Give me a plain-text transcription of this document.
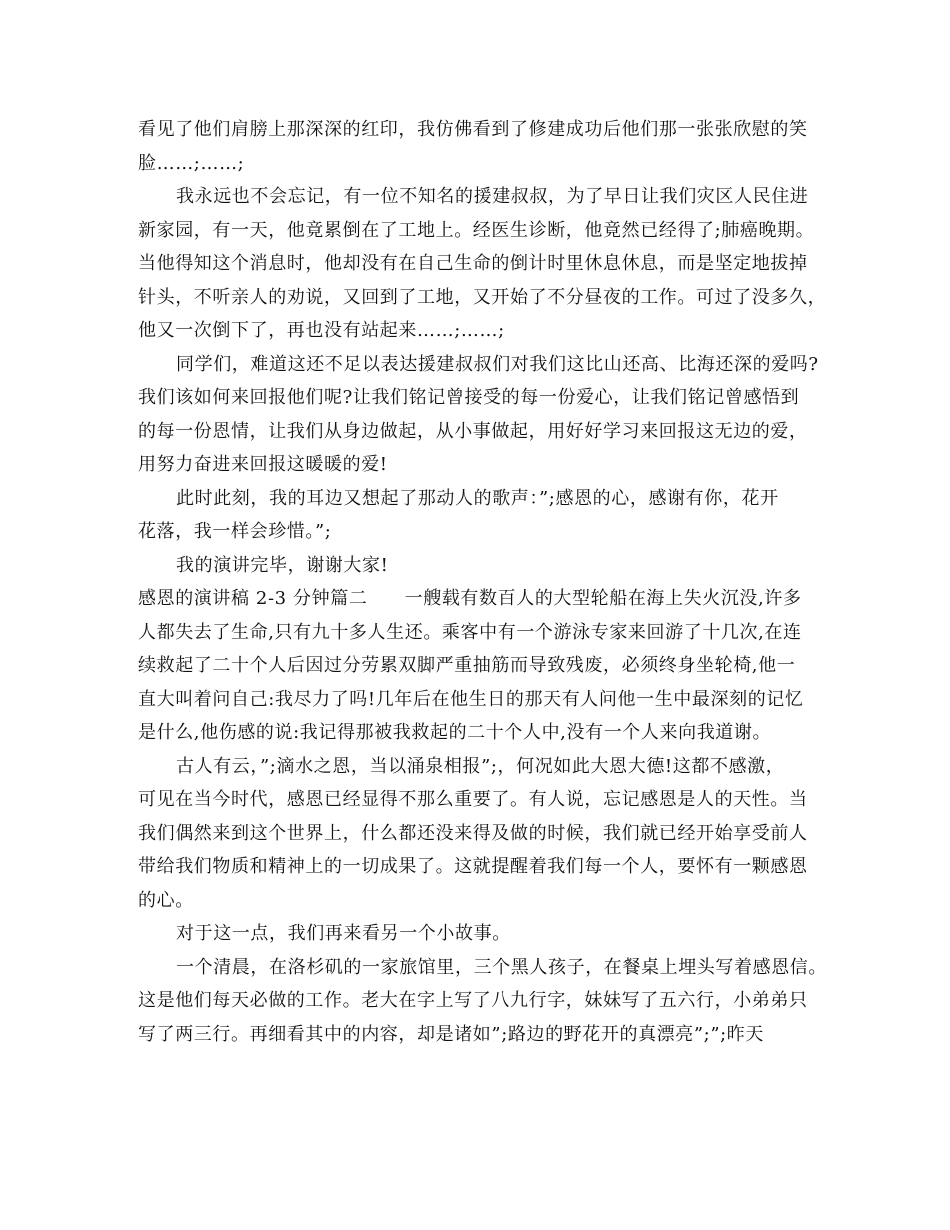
看见了他们肩膀上那深深的红印，我仿佛看到了修建成功后他们那一张张欣慰的笑
脸……;……;
我永远也不会忘记，有一位不知名的援建叔叔，为了早日让我们灾区人民住进
新家园，有一天，他竟累倒在了工地上。经医生诊断，他竟然已经得了;肺癌晚期。
当他得知这个消息时，他却没有在自己生命的倒计时里休息休息，而是坚定地拔掉
针头，不听亲人的劝说，又回到了工地，又开始了不分昼夜的工作。可过了没多久，
他又一次倒下了，再也没有站起来……;……;
同学们，难道这还不足以表达援建叔叔们对我们这比山还高、比海还深的爱吗?
我们该如何来回报他们呢?让我们铭记曾接受的每一份爱心，让我们铭记曾感悟到
的每一份恩情，让我们从身边做起，从小事做起，用好好学习来回报这无边的爱，
用努力奋进来回报这暖暖的爱!
此时此刻，我的耳边又想起了那动人的歌声：”;感恩的心，感谢有你，花开
花落，我一样会珍惜。”;
我的演讲完毕，谢谢大家!
感恩的演讲稿 2-3 分钟篇二　　一艘载有数百人的大型轮船在海上失火沉没,许多
人都失去了生命,只有九十多人生还。乘客中有一个游泳专家来回游了十几次,在连
续救起了二十个人后因过分劳累双脚严重抽筋而导致残废，必须终身坐轮椅,他一
直大叫着问自己:我尽力了吗!几年后在他生日的那天有人问他一生中最深刻的记忆
是什么,他伤感的说:我记得那被我救起的二十个人中,没有一个人来向我道谢。
古人有云，”;滴水之恩，当以涌泉相报”;，何况如此大恩大德!这都不感激，
可见在当今时代，感恩已经显得不那么重要了。有人说，忘记感恩是人的天性。当
我们偶然来到这个世界上，什么都还没来得及做的时候，我们就已经开始享受前人
带给我们物质和精神上的一切成果了。这就提醒着我们每一个人，要怀有一颗感恩
的心。
对于这一点，我们再来看另一个小故事。
一个清晨，在洛杉矶的一家旅馆里，三个黑人孩子，在餐桌上埋头写着感恩信。
这是他们每天必做的工作。老大在字上写了八九行字，妹妹写了五六行，小弟弟只
写了两三行。再细看其中的内容，却是诸如”;路边的野花开的真漂亮”;”;昨天
